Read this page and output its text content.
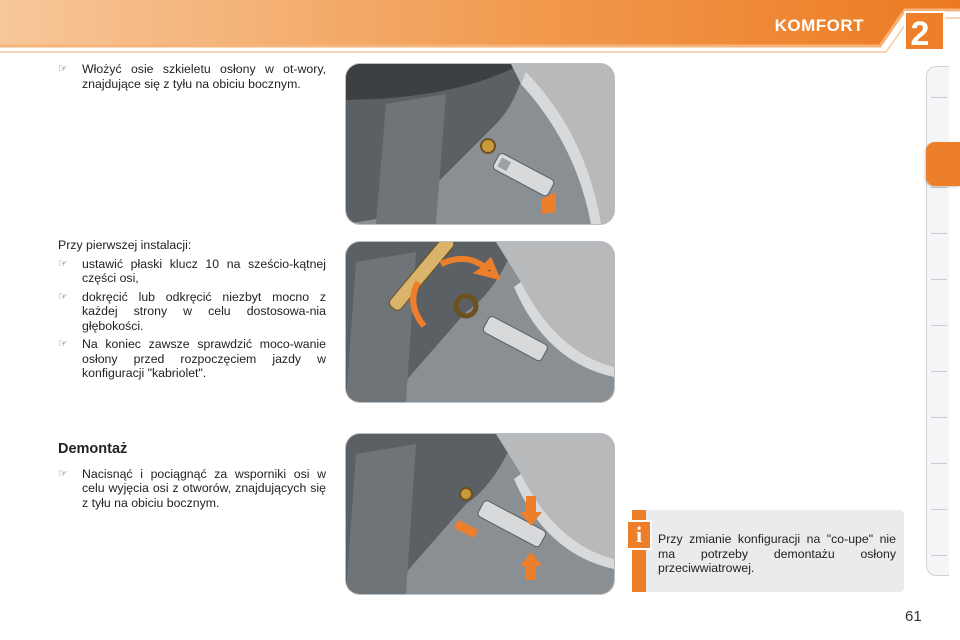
KOMFORT	2
☞	Włożyć osie szkieletu osłony w ot-wory, znajdujące się z tyłu na obiciu bocznym.
Przy pierwszej instalacji:
☞	ustawić płaski klucz 10 na sześcio-kątnej części osi,
☞	dokręcić lub odkręcić niezbyt mocno z każdej strony w celu dostosowa-nia głębokości.
☞	Na koniec zawsze sprawdzić moco-wanie osłony przed rozpoczęciem jazdy w konfiguracji "kabriolet".
Demontaż
☞	Nacisnąć i pociągnąć za wsporniki osi w celu wyjęcia osi z otworów, znajdujących się z tyłu na obiciu bocznym.
i	Przy zmianie konfiguracji na "co-upe" nie ma potrzeby demontażu osłony przeciwwiatrowej.
61
